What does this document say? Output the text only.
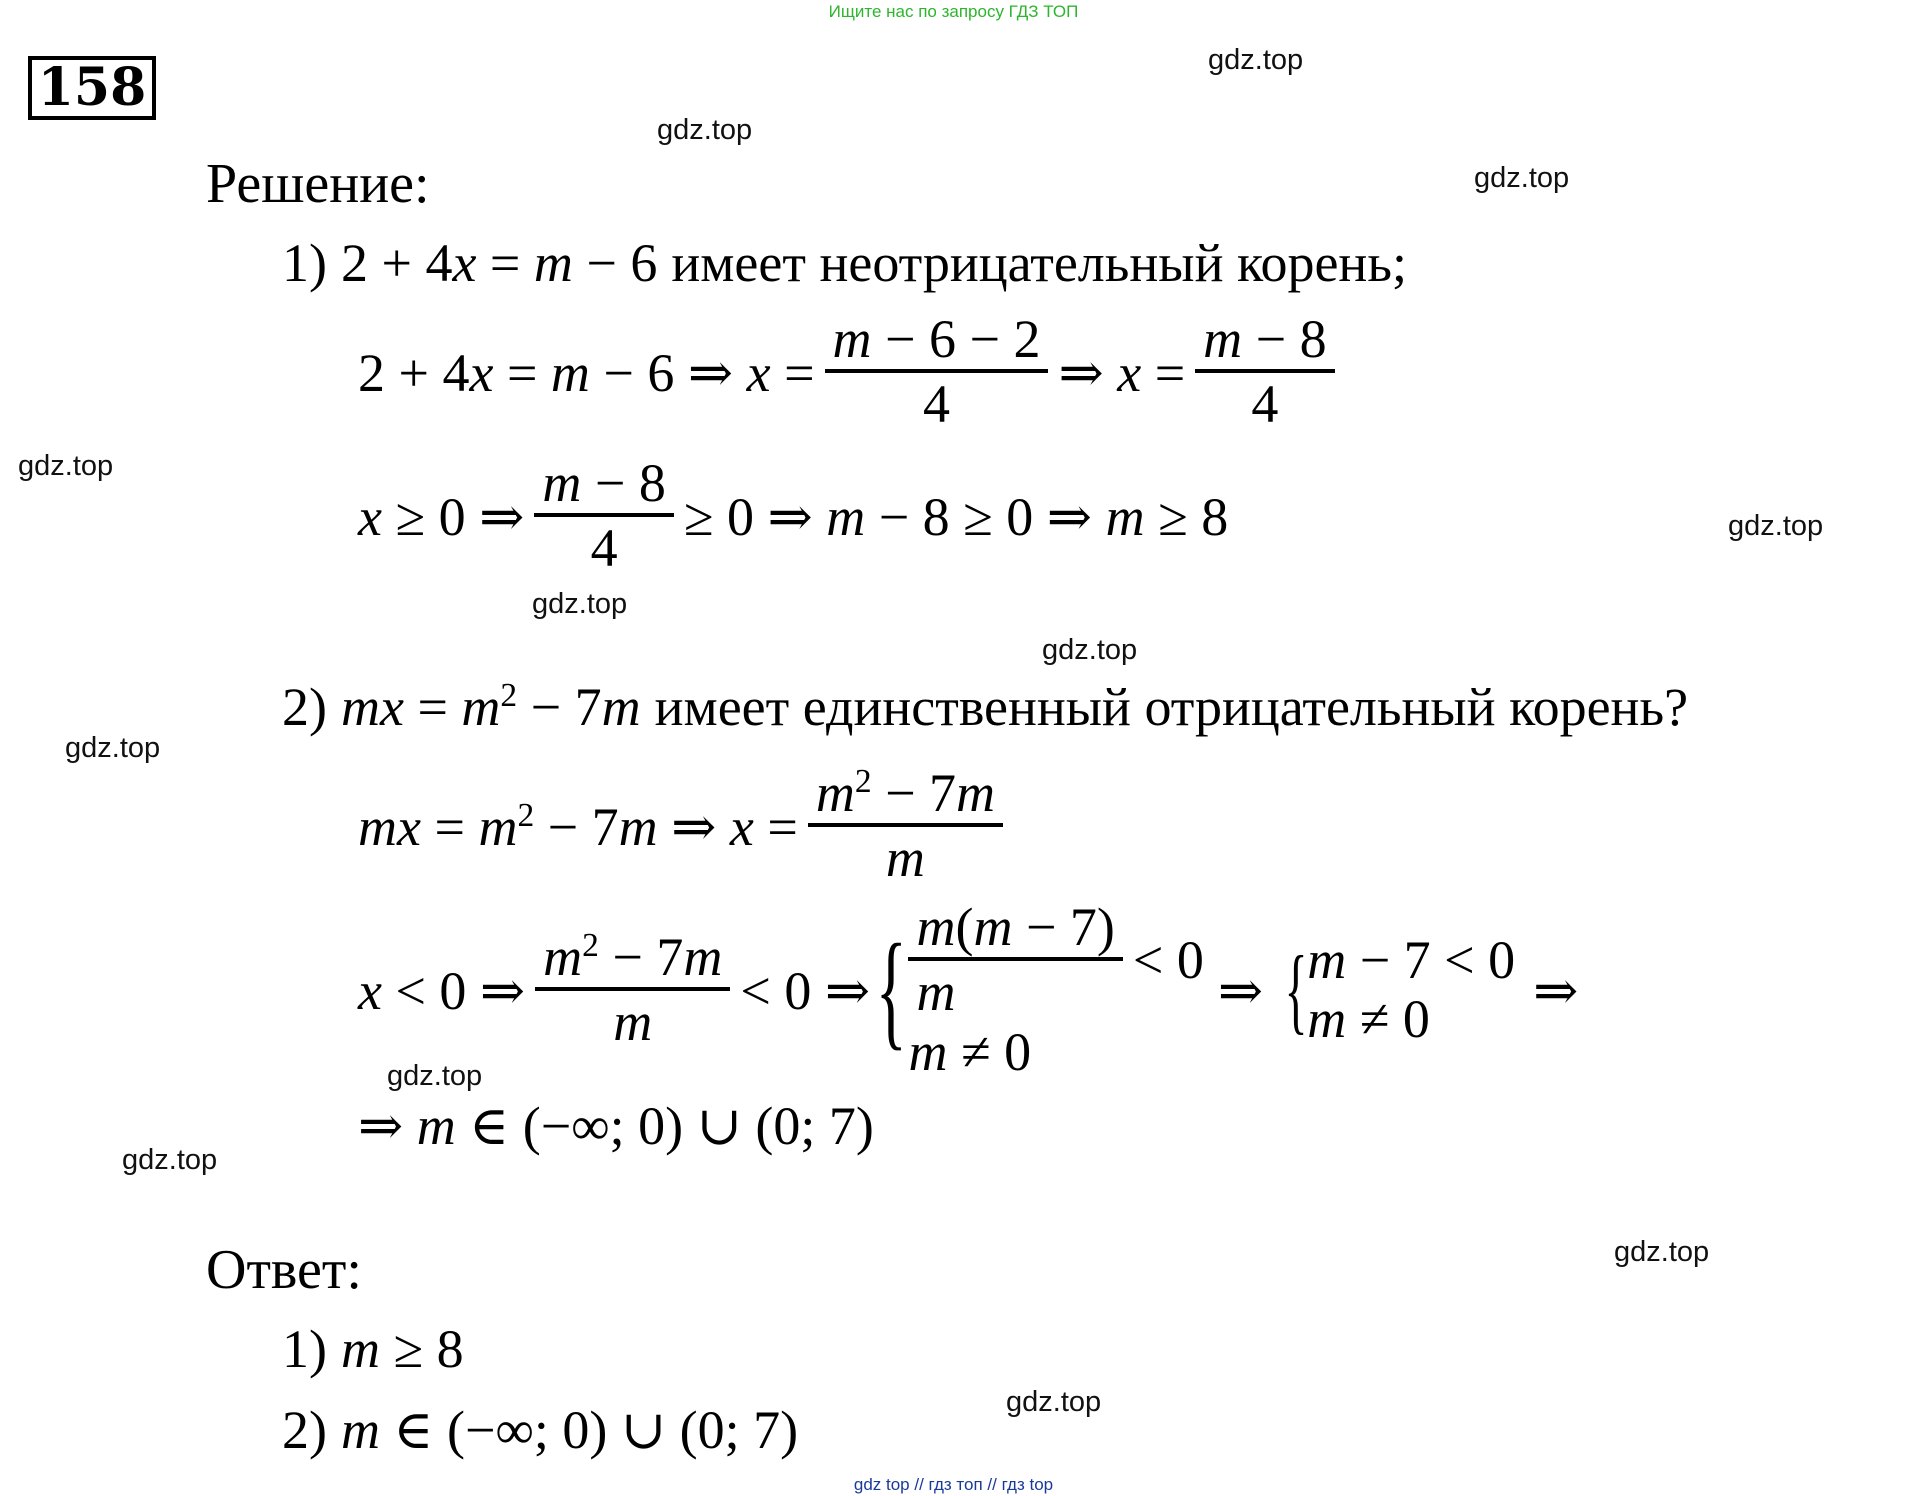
Ищите нас по запросу ГДЗ ТОП
158	gdz.top
gdz.top
gdz.top
gdz.top
gdz.top
gdz.top
gdz.top
gdz.top
gdz.top
gdz.top
gdz.top
gdz.top
Решение:
1) 2 + 4x = m − 6 имеет неотрицательный корень;
2 + 4x = m − 6 ⇒ $x = \frac{m - 6 - 2}{4}$ ⇒ $x = \frac{m - 8}{4}$
x ≥ 0 ⇒ $\frac{m - 8}{4} \ge 0$ ⇒ m − 8 ≥ 0 ⇒ m ≥ 8
2) mx = $m^2 - 7m$ имеет единственный отрицательный корень?
mx = $m^2 - 7m$ ⇒ $x = \frac{m^2 - 7m}{m}$
x < 0 ⇒ $\frac{m^2 - 7m}{m} < 0$ ⇒ { $\frac{m(m - 7)}{m} < 0$
m ≠ 0
⇒ { m − 7 < 0
m ≠ 0	⇒
⇒ m ∈ (−∞; 0) ∪ (0; 7)
Ответ:
1) m ≥ 8
2) m ∈ (−∞; 0) ∪ (0; 7)
gdz top // гдз топ // гдз top
